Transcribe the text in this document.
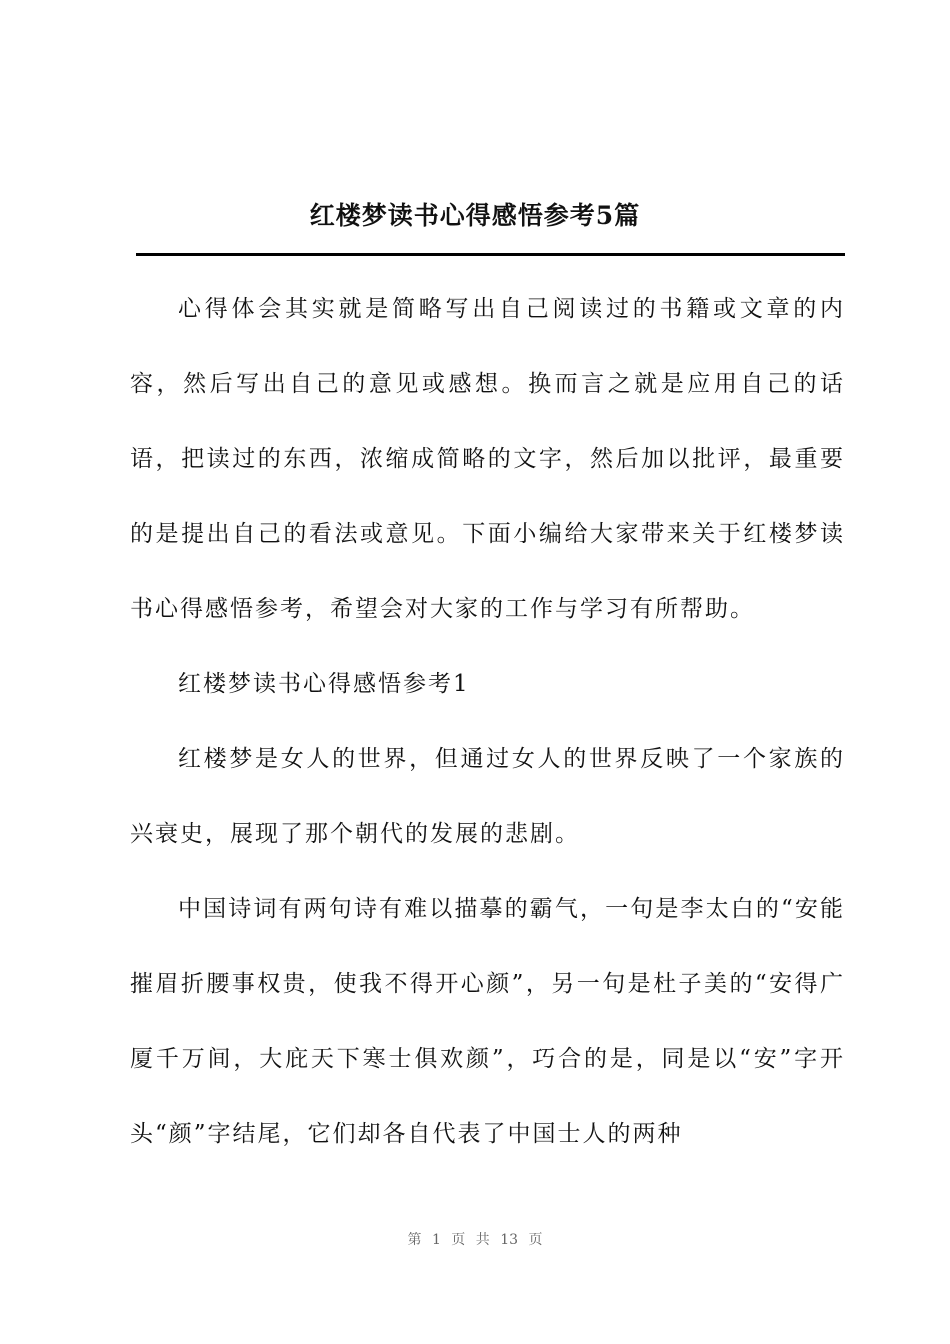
红楼梦读书心得感悟参考5篇

心得体会其实就是简略写出自己阅读过的书籍或文章的内容，然后写出自己的意见或感想。换而言之就是应用自己的话语，把读过的东西，浓缩成简略的文字，然后加以批评，最重要的是提出自己的看法或意见。下面小编给大家带来关于红楼梦读书心得感悟参考，希望会对大家的工作与学习有所帮助。

红楼梦读书心得感悟参考1

红楼梦是女人的世界，但通过女人的世界反映了一个家族的兴衰史，展现了那个朝代的发展的悲剧。

中国诗词有两句诗有难以描摹的霸气，一句是李太白的“安能摧眉折腰事权贵，使我不得开心颜”，另一句是杜子美的“安得广厦千万间，大庇天下寒士俱欢颜”，巧合的是，同是以“安”字开头“颜”字结尾，它们却各自代表了中国士人的两种

第 1 页 共 13 页
